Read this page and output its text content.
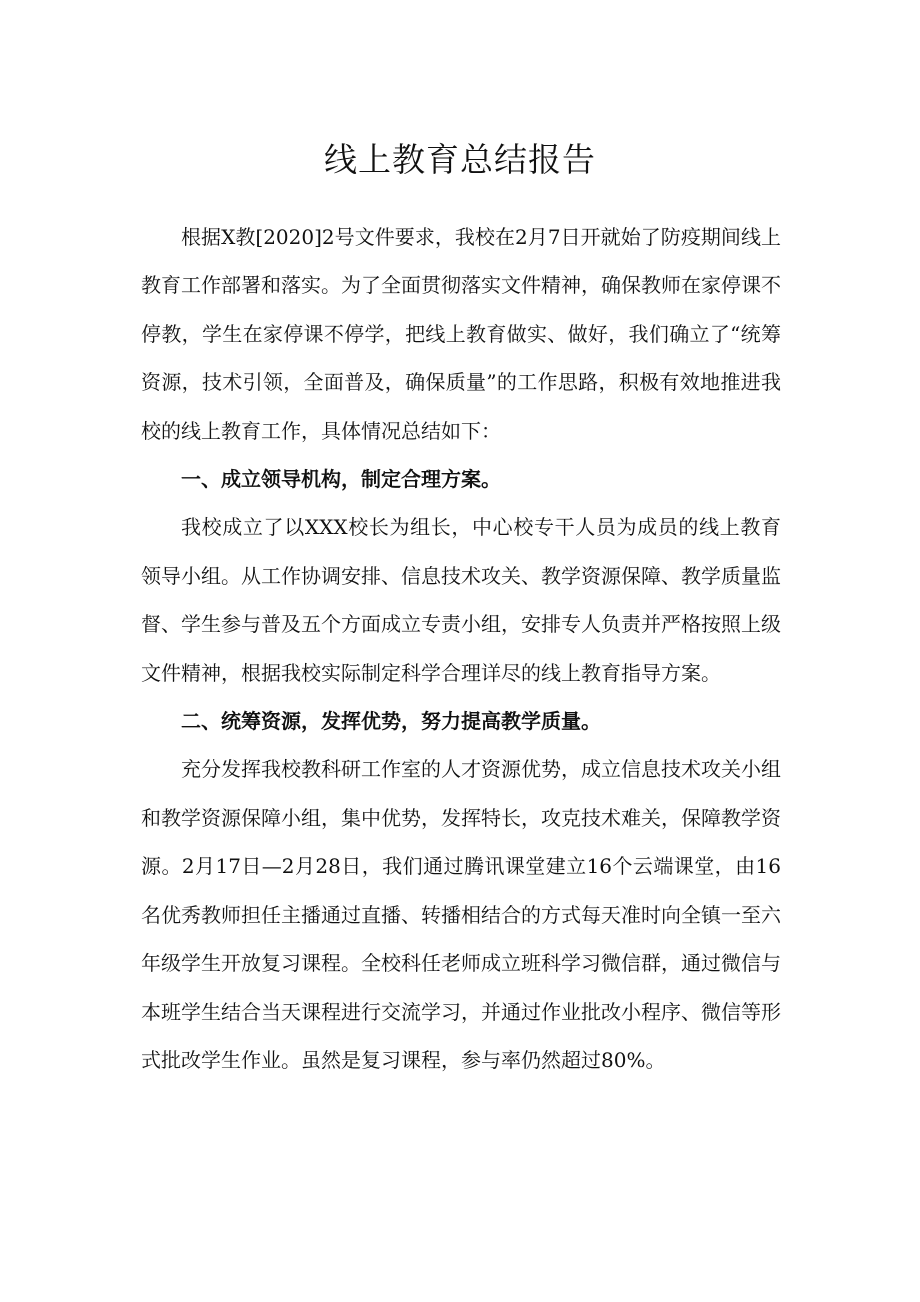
线上教育总结报告

根据X教[2020]2号文件要求，我校在2月7日开就始了防疫期间线上教育工作部署和落实。为了全面贯彻落实文件精神，确保教师在家停课不停教，学生在家停课不停学，把线上教育做实、做好，我们确立了“统筹资源，技术引领，全面普及，确保质量”的工作思路，积极有效地推进我校的线上教育工作，具体情况总结如下：

一、成立领导机构，制定合理方案。

我校成立了以XXX校长为组长，中心校专干人员为成员的线上教育领导小组。从工作协调安排、信息技术攻关、教学资源保障、教学质量监督、学生参与普及五个方面成立专责小组，安排专人负责并严格按照上级文件精神，根据我校实际制定科学合理详尽的线上教育指导方案。

二、统筹资源，发挥优势，努力提高教学质量。

充分发挥我校教科研工作室的人才资源优势，成立信息技术攻关小组和教学资源保障小组，集中优势，发挥特长，攻克技术难关，保障教学资源。2月17日—2月28日，我们通过腾讯课堂建立16个云端课堂，由16名优秀教师担任主播通过直播、转播相结合的方式每天准时向全镇一至六年级学生开放复习课程。全校科任老师成立班科学习微信群，通过微信与本班学生结合当天课程进行交流学习，并通过作业批改小程序、微信等形式批改学生作业。虽然是复习课程，参与率仍然超过80%。
